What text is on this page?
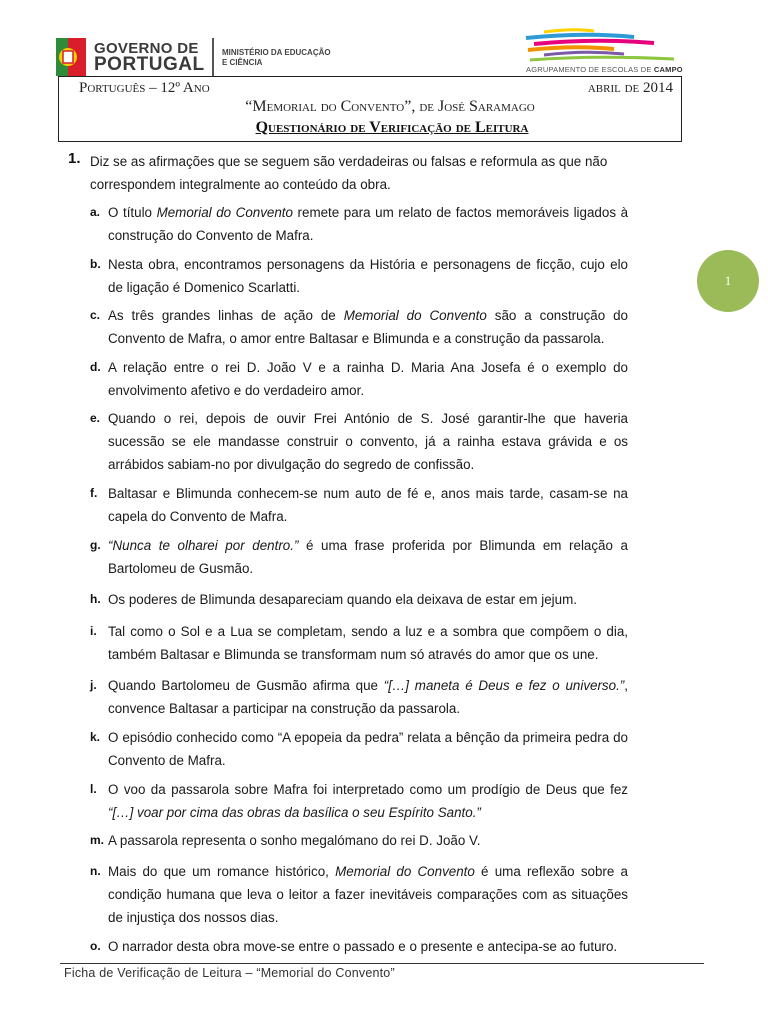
GOVERNO DE
PORTUGAL
MINISTÉRIO DA EDUCAÇÃO
E CIÊNCIA
AGRUPAMENTO DE ESCOLAS DE CAMPO
Português – 12º Ano	abril de 2014
“Memorial do Convento”, de José Saramago
Questionário de Verificação de Leitura
1
1. Diz se as afirmações que se seguem são verdadeiras ou falsas e reformula as que não correspondem integralmente ao conteúdo da obra.
a. O título Memorial do Convento remete para um relato de factos memoráveis ligados à construção do Convento de Mafra.
b. Nesta obra, encontramos personagens da História e personagens de ficção, cujo elo de ligação é Domenico Scarlatti.
c. As três grandes linhas de ação de Memorial do Convento são a construção do Convento de Mafra, o amor entre Baltasar e Blimunda e a construção da passarola.
d. A relação entre o rei D. João V e a rainha D. Maria Ana Josefa é o exemplo do envolvimento afetivo e do verdadeiro amor.
e. Quando o rei, depois de ouvir Frei António de S. José garantir-lhe que haveria sucessão se ele mandasse construir o convento, já a rainha estava grávida e os arrábidos sabiam-no por divulgação do segredo de confissão.
f. Baltasar e Blimunda conhecem-se num auto de fé e, anos mais tarde, casam-se na capela do Convento de Mafra.
g. “Nunca te olharei por dentro.” é uma frase proferida por Blimunda em relação a Bartolomeu de Gusmão.
h. Os poderes de Blimunda desapareciam quando ela deixava de estar em jejum.
i. Tal como o Sol e a Lua se completam, sendo a luz e a sombra que compõem o dia, também Baltasar e Blimunda se transformam num só através do amor que os une.
j. Quando Bartolomeu de Gusmão afirma que “[…] maneta é Deus e fez o universo.”, convence Baltasar a participar na construção da passarola.
k. O episódio conhecido como “A epopeia da pedra” relata a bênção da primeira pedra do Convento de Mafra.
l. O voo da passarola sobre Mafra foi interpretado como um prodígio de Deus que fez “[…] voar por cima das obras da basílica o seu Espírito Santo.”
m. A passarola representa o sonho megalómano do rei D. João V.
n. Mais do que um romance histórico, Memorial do Convento é uma reflexão sobre a condição humana que leva o leitor a fazer inevitáveis comparações com as situações de injustiça dos nossos dias.
o. O narrador desta obra move-se entre o passado e o presente e antecipa-se ao futuro.
Ficha de Verificação de Leitura – “Memorial do Convento”
